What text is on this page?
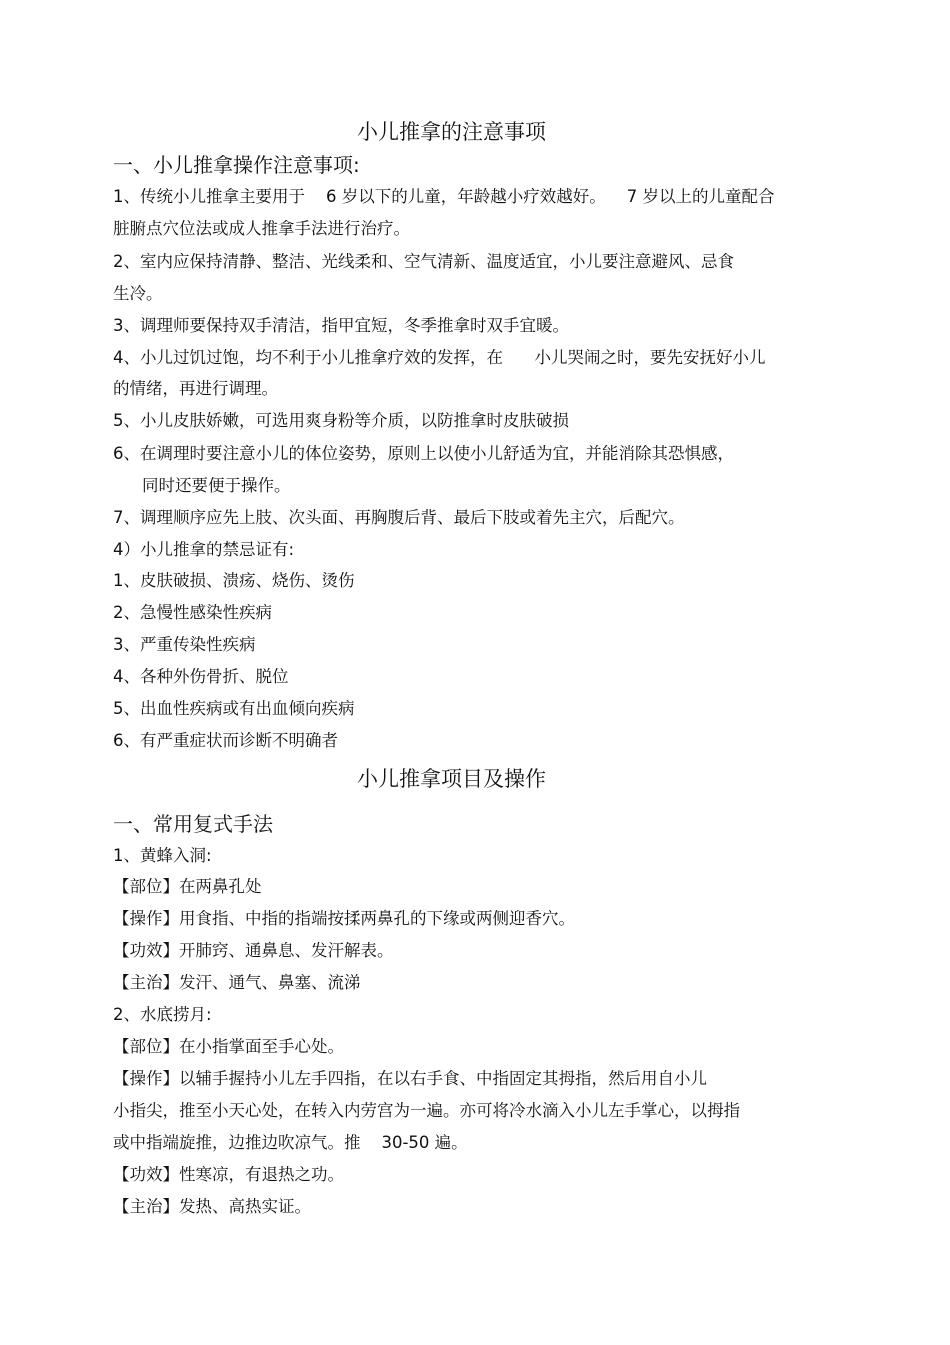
小儿推拿的注意事项
一、小儿推拿操作注意事项:
1、传统小儿推拿主要用于    6 岁以下的儿童，年龄越小疗效越好。    7 岁以上的儿童配合
脏腑点穴位法或成人推拿手法进行治疗。
2、室内应保持清静、整洁、光线柔和、空气清新、温度适宜，小儿要注意避风、忌食
生冷。
3、调理师要保持双手清洁，指甲宜短，冬季推拿时双手宜暖。
4、小儿过饥过饱，均不利于小儿推拿疗效的发挥，在      小儿哭闹之时，要先安抚好小儿
的情绪，再进行调理。
5、小儿皮肤娇嫩，可选用爽身粉等介质，以防推拿时皮肤破损
6、在调理时要注意小儿的体位姿势，原则上以使小儿舒适为宜，并能消除其恐惧感，
同时还要便于操作。
7、调理顺序应先上肢、次头面、再胸腹后背、最后下肢或着先主穴，后配穴。
4）小儿推拿的禁忌证有:
1、皮肤破损、溃疡、烧伤、烫伤
2、急慢性感染性疾病
3、严重传染性疾病
4、各种外伤骨折、脱位
5、出血性疾病或有出血倾向疾病
6、有严重症状而诊断不明确者
小儿推拿项目及操作
一、常用复式手法
1、黄蜂入洞:
【部位】在两鼻孔处
【操作】用食指、中指的指端按揉两鼻孔的下缘或两侧迎香穴。
【功效】开肺窍、通鼻息、发汗解表。
【主治】发汗、通气、鼻塞、流涕
2、水底捞月:
【部位】在小指掌面至手心处。
【操作】以辅手握持小儿左手四指，在以右手食、中指固定其拇指，然后用自小儿
小指尖，推至小天心处，在转入内劳宫为一遍。亦可将冷水滴入小儿左手掌心，以拇指
或中指端旋推，边推边吹凉气。推    30-50 遍。
【功效】性寒凉，有退热之功。
【主治】发热、高热实证。
